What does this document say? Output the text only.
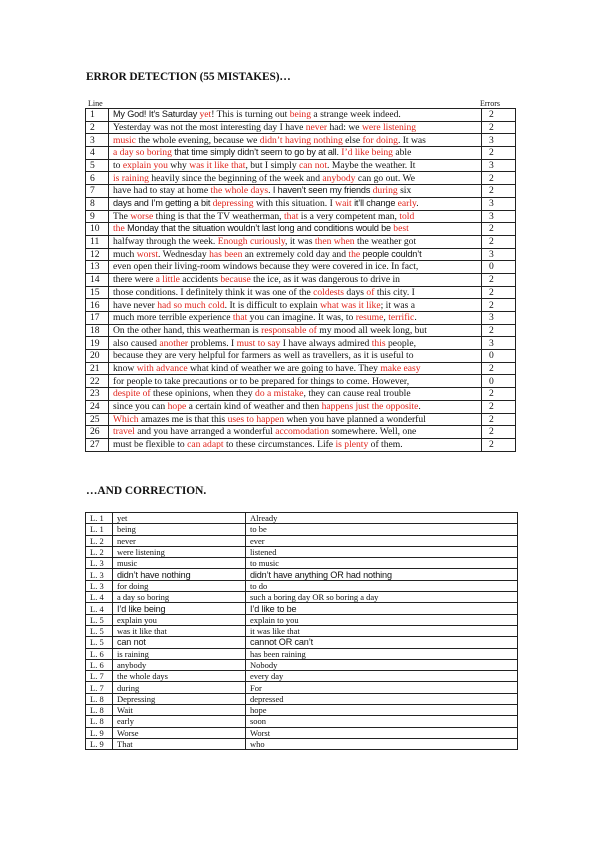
ERROR DETECTION (55 MISTAKES)…
Line	Errors
1	My God! It’s Saturday yet! This is turning out being a strange week indeed.	2
2	Yesterday was not the most interesting day I have never had: we were listening	2
3	music the whole evening, because we didn’t having nothing else for doing. It was	3
4	a day so boring that time simply didn’t seem to go by at all. I’d like being able	2
5	to explain you why was it like that, but I simply can not. Maybe the weather. It	3
6	is raining heavily since the beginning of the week and anybody can go out. We	2
7	have had to stay at home the whole days. I haven’t seen my friends during six	2
8	days and I’m getting a bit depressing with this situation. I wait it’ll change early.	3
9	The worse thing is that the TV weatherman, that is a very competent man, told	3
10	the Monday that the situation wouldn’t last long and conditions would be best	2
11	halfway through the week. Enough curiously, it was then when the weather got	2
12	much worst. Wednesday has been an extremely cold day and the people couldn’t	3
13	even open their living-room windows because they were covered in ice. In fact,	0
14	there were a little accidents because the ice, as it was dangerous to drive in	2
15	those conditions. I definitely think it was one of the coldests days of this city. I	2
16	have never had so much cold. It is difficult to explain what was it like; it was a	2
17	much more terrible experience that you can imagine. It was, to resume, terrific.	3
18	On the other hand, this weatherman is responsable of my mood all week long, but	2
19	also caused another problems. I must to say I have always admired this people,	3
20	because they are very helpful for farmers as well as travellers, as it is useful to	0
21	know with advance what kind of weather we are going to have. They make easy	2
22	for people to take precautions or to be prepared for things to come. However,	0
23	despite of these opinions, when they do a mistake, they can cause real trouble	2
24	since you can hope a certain kind of weather and then happens just the opposite.	2
25	Which amazes me is that this uses to happen when you have planned a wonderful	2
26	travel and you have arranged a wonderful accomodation somewhere. Well, one	2
27	must be flexible to can adapt to these circumstances. Life is plenty of them.	2
…AND CORRECTION.
L. 1	yet	Already
L. 1	being	to be
L. 2	never	ever
L. 2	were listening	listened
L. 3	music	to music
L. 3	didn’t have nothing	didn’t have anything OR had nothing
L. 3	for doing	to do
L. 4	a day so boring	such a boring day OR so boring a day
L. 4	I’d like being	I’d like to be
L. 5	explain you	explain to you
L. 5	was it like that	it was like that
L. 5	can not	cannot OR can’t
L. 6	is raining	has been raining
L. 6	anybody	Nobody
L. 7	the whole days	every day
L. 7	during	For
L. 8	Depressing	depressed
L. 8	Wait	hope
L. 8	early	soon
L. 9	Worse	Worst
L. 9	That	who
